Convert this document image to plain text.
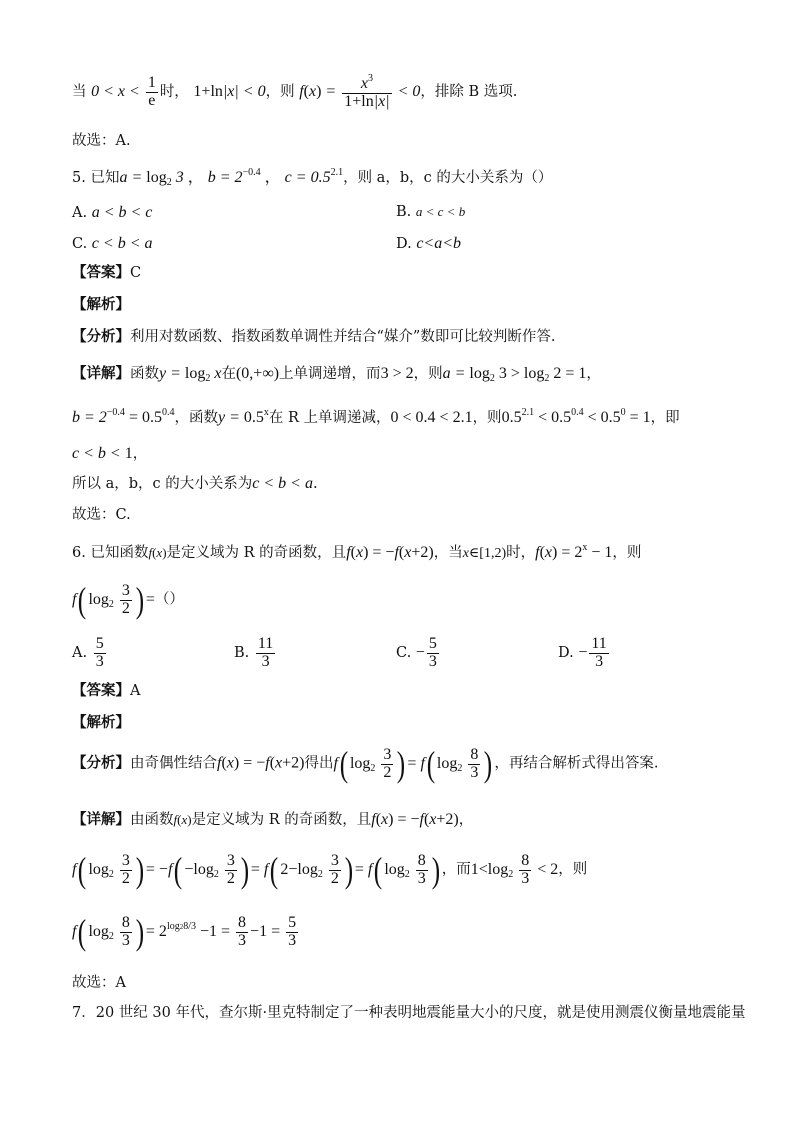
当 $0 < x < \frac{1}{e}$ 时， 1+ln|x| < 0，则 $f(x) = \frac{x^3}{1+\ln|x|} < 0$，排除 B 选项.
故选：A.
5. 已知$a = \log_2 3$ ， $b = 2^{-0.4}$ ， $c = 0.5^{2.1}$，则 a，b，c 的大小关系为（）
A. a < b < c	B. a < c < b
C. c < b < a	D. c<a<b
【答案】C
【解析】
【分析】利用对数函数、指数函数单调性并结合“媒介”数即可比较判断作答.
【详解】函数$y = \log_2 x$在(0,+∞)上单调递增，而3 > 2，则$a = \log_2 3 > \log_2 2 = 1$，
$b = 2^{-0.4} = 0.5^{0.4}$，函数$y = 0.5^x$在 R 上单调递减，0 < 0.4 < 2.1，则$0.5^{2.1} < 0.5^{0.4} < 0.5^0 = 1$，即
c < b < 1，
所以 a，b，c 的大小关系为c < b < a.
故选：C.
6. 已知函数f(x)是定义域为 R 的奇函数，且f(x) = −f(x+2)，当x∈[1,2)时，$f(x) = 2^x - 1$，则
f( $\log_2 \frac{3}{2}$ ) =（）
A. $\frac{5}{3}$	B. $\frac{11}{3}$	C. − $\frac{5}{3}$	D. − $\frac{11}{3}$
【答案】A
【解析】
【分析】由奇偶性结合f(x) = −f(x+2)得出f( $\log_2 \frac{3}{2}$ ) = f( $\log_2 \frac{8}{3}$ ) ，再结合解析式得出答案.
【详解】由函数f(x)是定义域为 R 的奇函数，且f(x) = −f(x+2)，
f( $\log_2 \frac{3}{2}$ ) = $-f( -\log_2 \frac{3}{2}$ ) = f( $2-\log_2 \frac{3}{2}$ ) = f( $\log_2 \frac{8}{3}$ ) ，而$1<\log_2 \frac{8}{3} < 2$，则
f( $\log_2 \frac{8}{3}$ ) = $2^{log28/3} -1 = \frac{8}{3} -1 = \frac{5}{3}$
故选：A
7．20 世纪 30 年代，查尔斯·里克特制定了一种表明地震能量大小的尺度，就是使用测震仪衡量地震能量
